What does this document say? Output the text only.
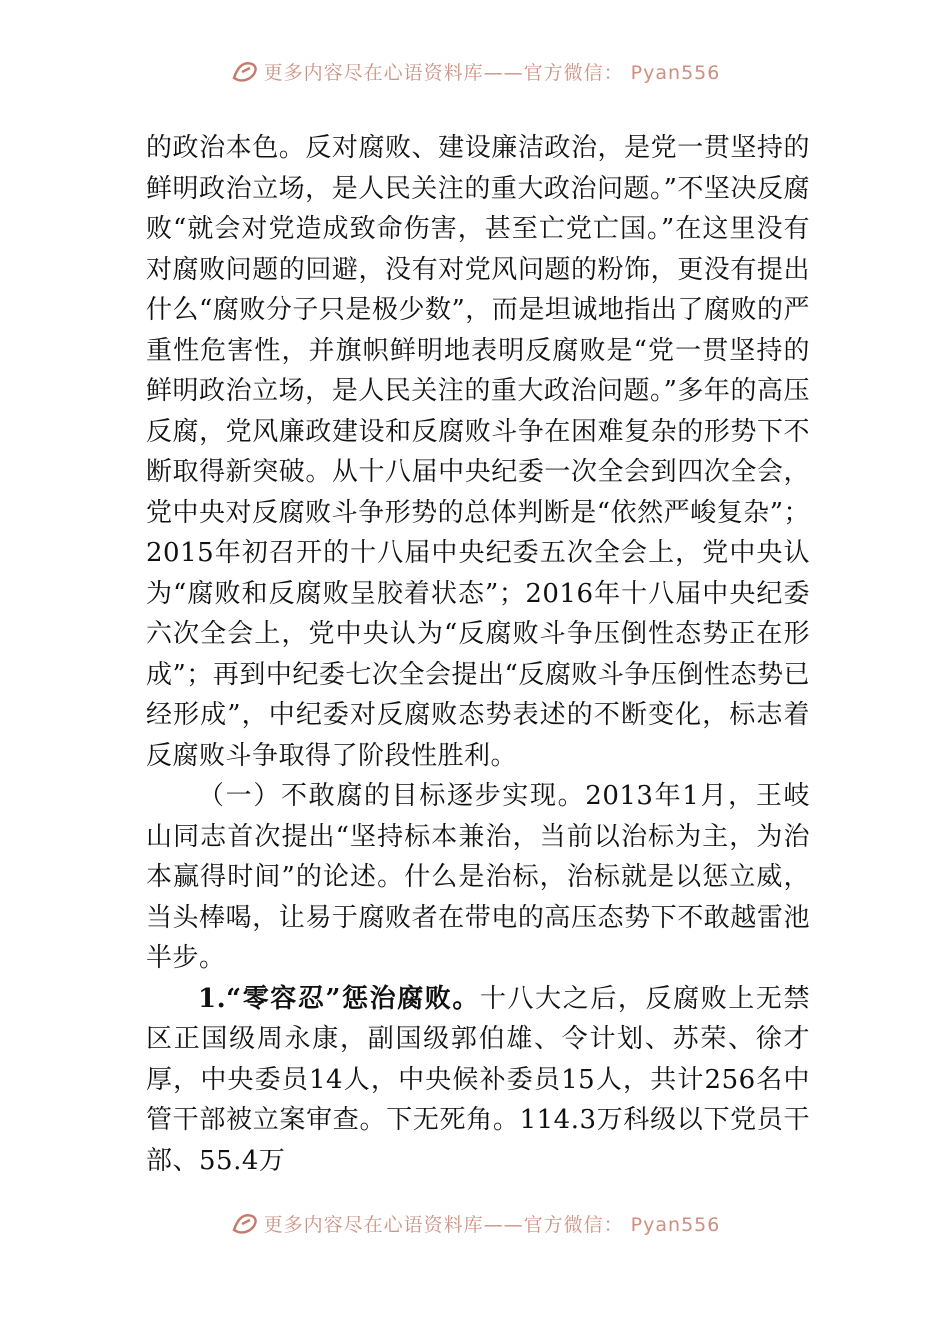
更多内容尽在心语资料库——官方微信： Pyan556

的政治本色。反对腐败、建设廉洁政治，是党一贯坚持的鲜明政治立场，是人民关注的重大政治问题。”不坚决反腐败“就会对党造成致命伤害，甚至亡党亡国。”在这里没有对腐败问题的回避，没有对党风问题的粉饰，更没有提出什么“腐败分子只是极少数”，而是坦诚地指出了腐败的严重性危害性，并旗帜鲜明地表明反腐败是“党一贯坚持的鲜明政治立场，是人民关注的重大政治问题。”多年的高压反腐，党风廉政建设和反腐败斗争在困难复杂的形势下不断取得新突破。从十八届中央纪委一次全会到四次全会，党中央对反腐败斗争形势的总体判断是“依然严峻复杂”；2015年初召开的十八届中央纪委五次全会上，党中央认为“腐败和反腐败呈胶着状态”；2016年十八届中央纪委六次全会上，党中央认为“反腐败斗争压倒性态势正在形成”；再到中纪委七次全会提出“反腐败斗争压倒性态势已经形成”，中纪委对反腐败态势表述的不断变化，标志着反腐败斗争取得了阶段性胜利。

（一）不敢腐的目标逐步实现。2013年1月，王岐山同志首次提出“坚持标本兼治，当前以治标为主，为治本赢得时间”的论述。什么是治标，治标就是以惩立威，当头棒喝，让易于腐败者在带电的高压态势下不敢越雷池半步。

1.“零容忍”惩治腐败。十八大之后，反腐败上无禁区正国级周永康，副国级郭伯雄、令计划、苏荣、徐才厚，中央委员14人，中央候补委员15人，共计256名中管干部被立案审查。下无死角。114.3万科级以下党员干部、55.4万

更多内容尽在心语资料库——官方微信： Pyan556
